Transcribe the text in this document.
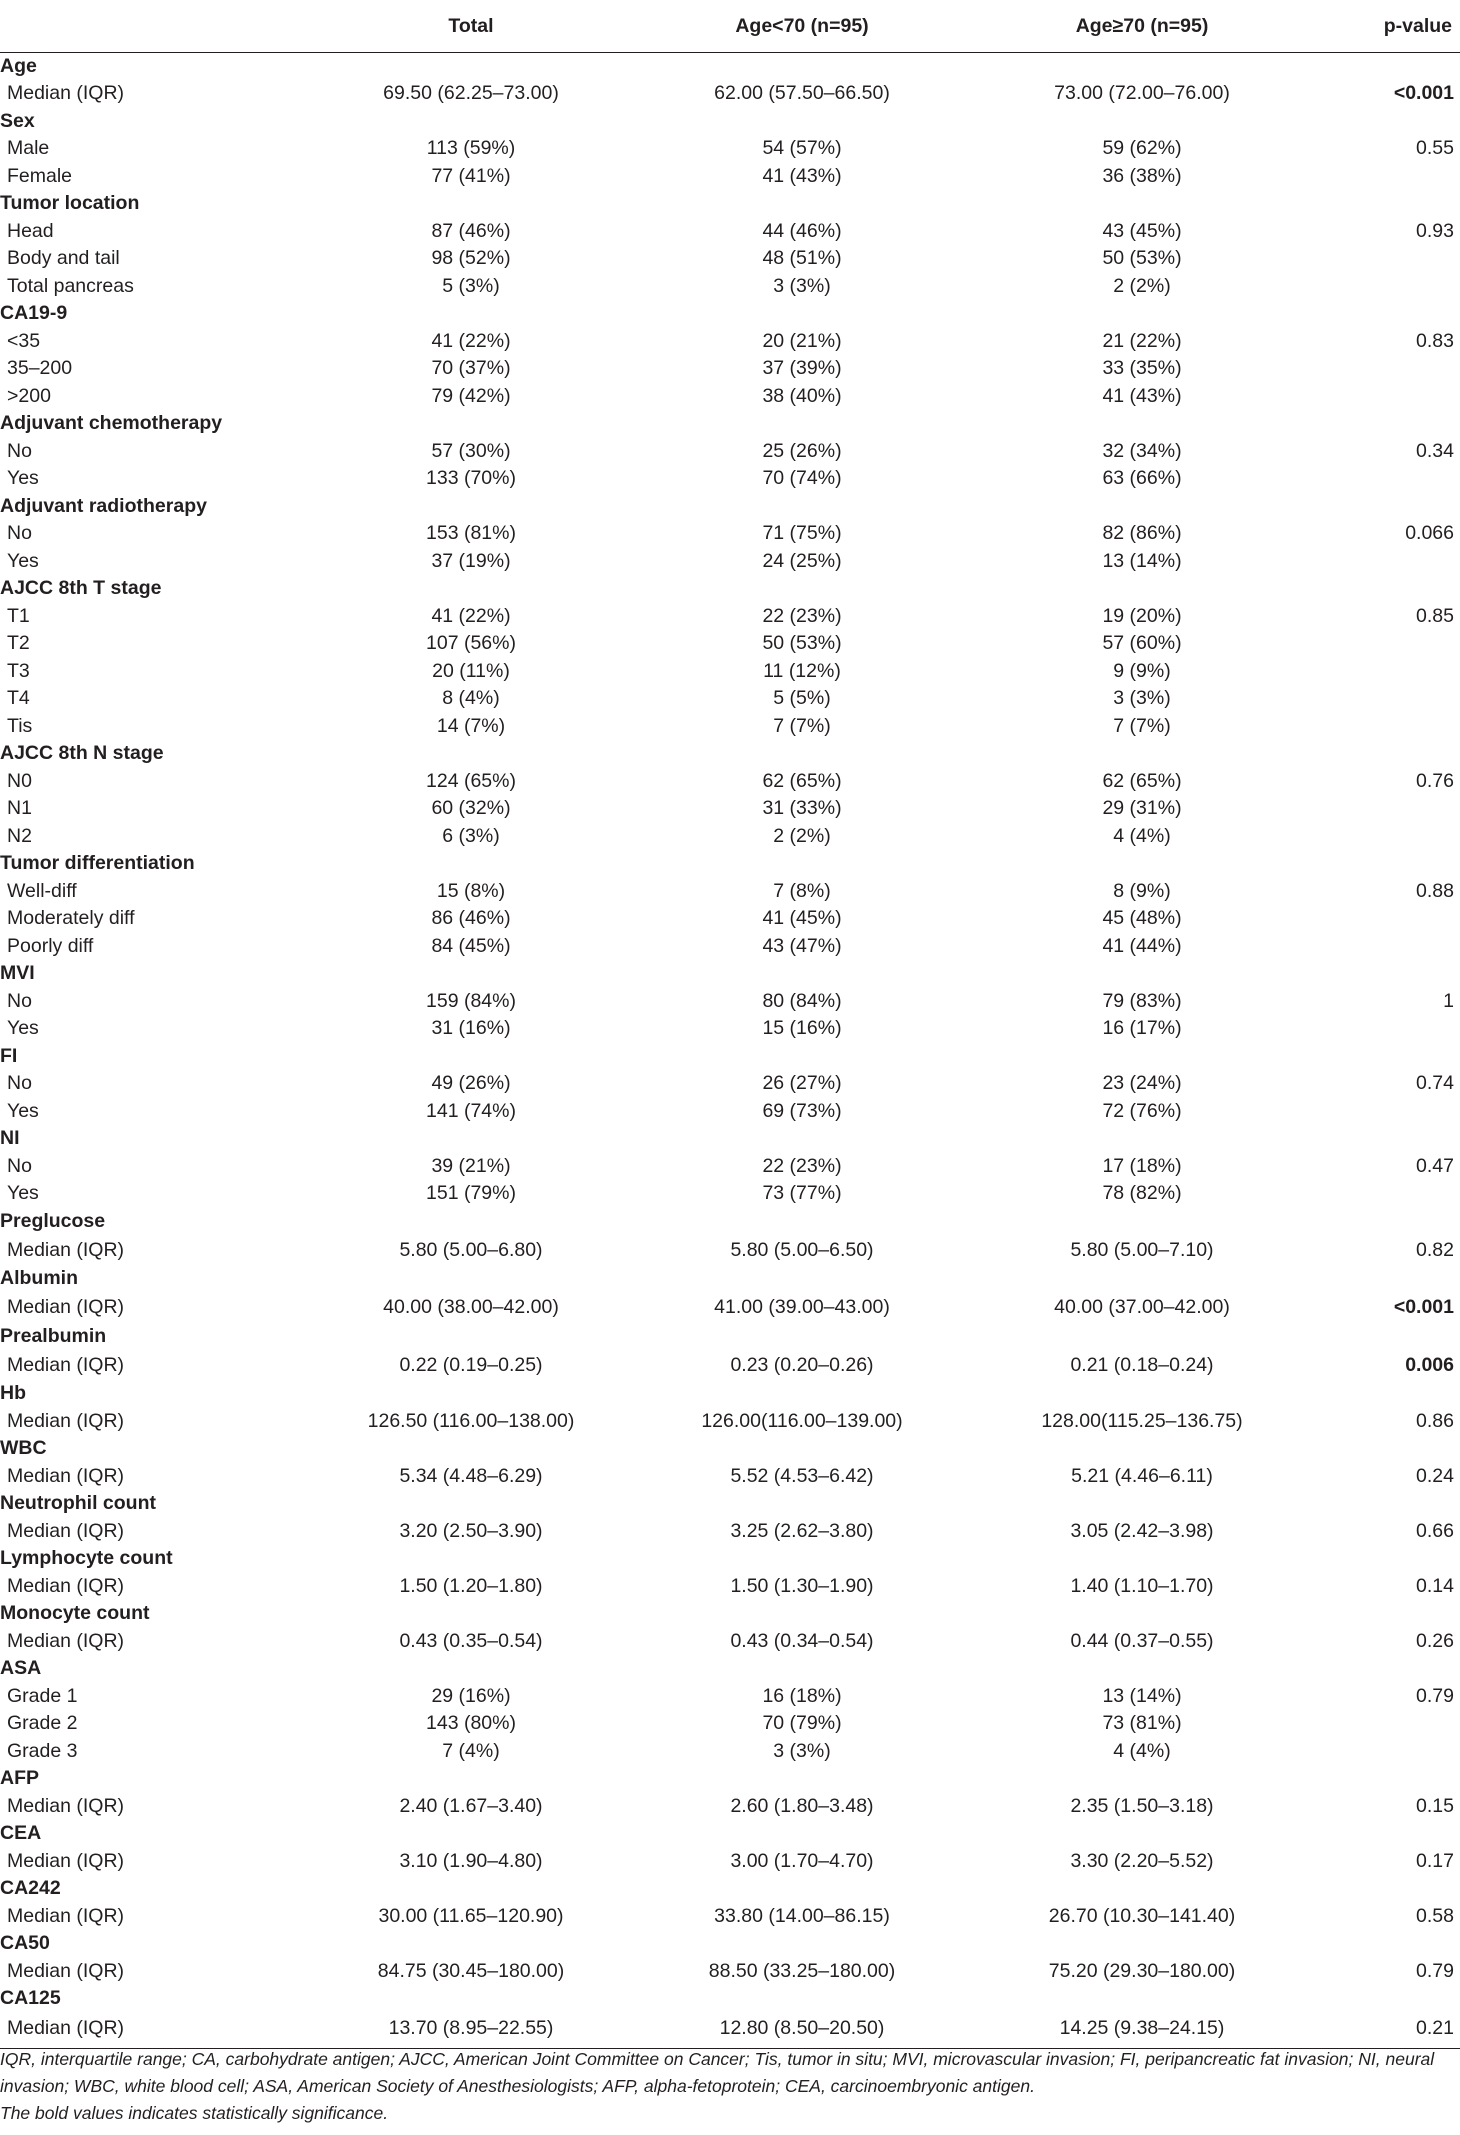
	Total	Age<70 (n=95)	Age≥70 (n=95)	p-value
Age				
Median (IQR)	69.50 (62.25–73.00)	62.00 (57.50–66.50)	73.00 (72.00–76.00)	<0.001
Sex				
Male	113 (59%)	54 (57%)	59 (62%)	0.55
Female	77 (41%)	41 (43%)	36 (38%)	
Tumor location				
Head	87 (46%)	44 (46%)	43 (45%)	0.93
Body and tail	98 (52%)	48 (51%)	50 (53%)	
Total pancreas	5 (3%)	3 (3%)	2 (2%)	
CA19-9				
<35	41 (22%)	20 (21%)	21 (22%)	0.83
35–200	70 (37%)	37 (39%)	33 (35%)	
>200	79 (42%)	38 (40%)	41 (43%)	
Adjuvant chemotherapy				
No	57 (30%)	25 (26%)	32 (34%)	0.34
Yes	133 (70%)	70 (74%)	63 (66%)	
Adjuvant radiotherapy				
No	153 (81%)	71 (75%)	82 (86%)	0.066
Yes	37 (19%)	24 (25%)	13 (14%)	
AJCC 8th T stage				
T1	41 (22%)	22 (23%)	19 (20%)	0.85
T2	107 (56%)	50 (53%)	57 (60%)	
T3	20 (11%)	11 (12%)	9 (9%)	
T4	8 (4%)	5 (5%)	3 (3%)	
Tis	14 (7%)	7 (7%)	7 (7%)	
AJCC 8th N stage				
N0	124 (65%)	62 (65%)	62 (65%)	0.76
N1	60 (32%)	31 (33%)	29 (31%)	
N2	6 (3%)	2 (2%)	4 (4%)	
Tumor differentiation				
Well-diff	15 (8%)	7 (8%)	8 (9%)	0.88
Moderately diff	86 (46%)	41 (45%)	45 (48%)	
Poorly diff	84 (45%)	43 (47%)	41 (44%)	
MVI				
No	159 (84%)	80 (84%)	79 (83%)	1
Yes	31 (16%)	15 (16%)	16 (17%)	
FI				
No	49 (26%)	26 (27%)	23 (24%)	0.74
Yes	141 (74%)	69 (73%)	72 (76%)	
NI				
No	39 (21%)	22 (23%)	17 (18%)	0.47
Yes	151 (79%)	73 (77%)	78 (82%)	
Preglucose				
Median (IQR)	5.80 (5.00–6.80)	5.80 (5.00–6.50)	5.80 (5.00–7.10)	0.82
Albumin				
Median (IQR)	40.00 (38.00–42.00)	41.00 (39.00–43.00)	40.00 (37.00–42.00)	<0.001
Prealbumin				
Median (IQR)	0.22 (0.19–0.25)	0.23 (0.20–0.26)	0.21 (0.18–0.24)	0.006
Hb				
Median (IQR)	126.50 (116.00–138.00)	126.00(116.00–139.00)	128.00(115.25–136.75)	0.86
WBC				
Median (IQR)	5.34 (4.48–6.29)	5.52 (4.53–6.42)	5.21 (4.46–6.11)	0.24
Neutrophil count				
Median (IQR)	3.20 (2.50–3.90)	3.25 (2.62–3.80)	3.05 (2.42–3.98)	0.66
Lymphocyte count				
Median (IQR)	1.50 (1.20–1.80)	1.50 (1.30–1.90)	1.40 (1.10–1.70)	0.14
Monocyte count				
Median (IQR)	0.43 (0.35–0.54)	0.43 (0.34–0.54)	0.44 (0.37–0.55)	0.26
ASA				
Grade 1	29 (16%)	16 (18%)	13 (14%)	0.79
Grade 2	143 (80%)	70 (79%)	73 (81%)	
Grade 3	7 (4%)	3 (3%)	4 (4%)	
AFP				
Median (IQR)	2.40 (1.67–3.40)	2.60 (1.80–3.48)	2.35 (1.50–3.18)	0.15
CEA				
Median (IQR)	3.10 (1.90–4.80)	3.00 (1.70–4.70)	3.30 (2.20–5.52)	0.17
CA242				
Median (IQR)	30.00 (11.65–120.90)	33.80 (14.00–86.15)	26.70 (10.30–141.40)	0.58
CA50				
Median (IQR)	84.75 (30.45–180.00)	88.50 (33.25–180.00)	75.20 (29.30–180.00)	0.79
CA125				
Median (IQR)	13.70 (8.95–22.55)	12.80 (8.50–20.50)	14.25 (9.38–24.15)	0.21

IQR, interquartile range; CA, carbohydrate antigen; AJCC, American Joint Committee on Cancer; Tis, tumor in situ; MVI, microvascular invasion; FI, peripancreatic fat invasion; NI, neural invasion; WBC, white blood cell; ASA, American Society of Anesthesiologists; AFP, alpha-fetoprotein; CEA, carcinoembryonic antigen.

The bold values indicates statistically significance.
